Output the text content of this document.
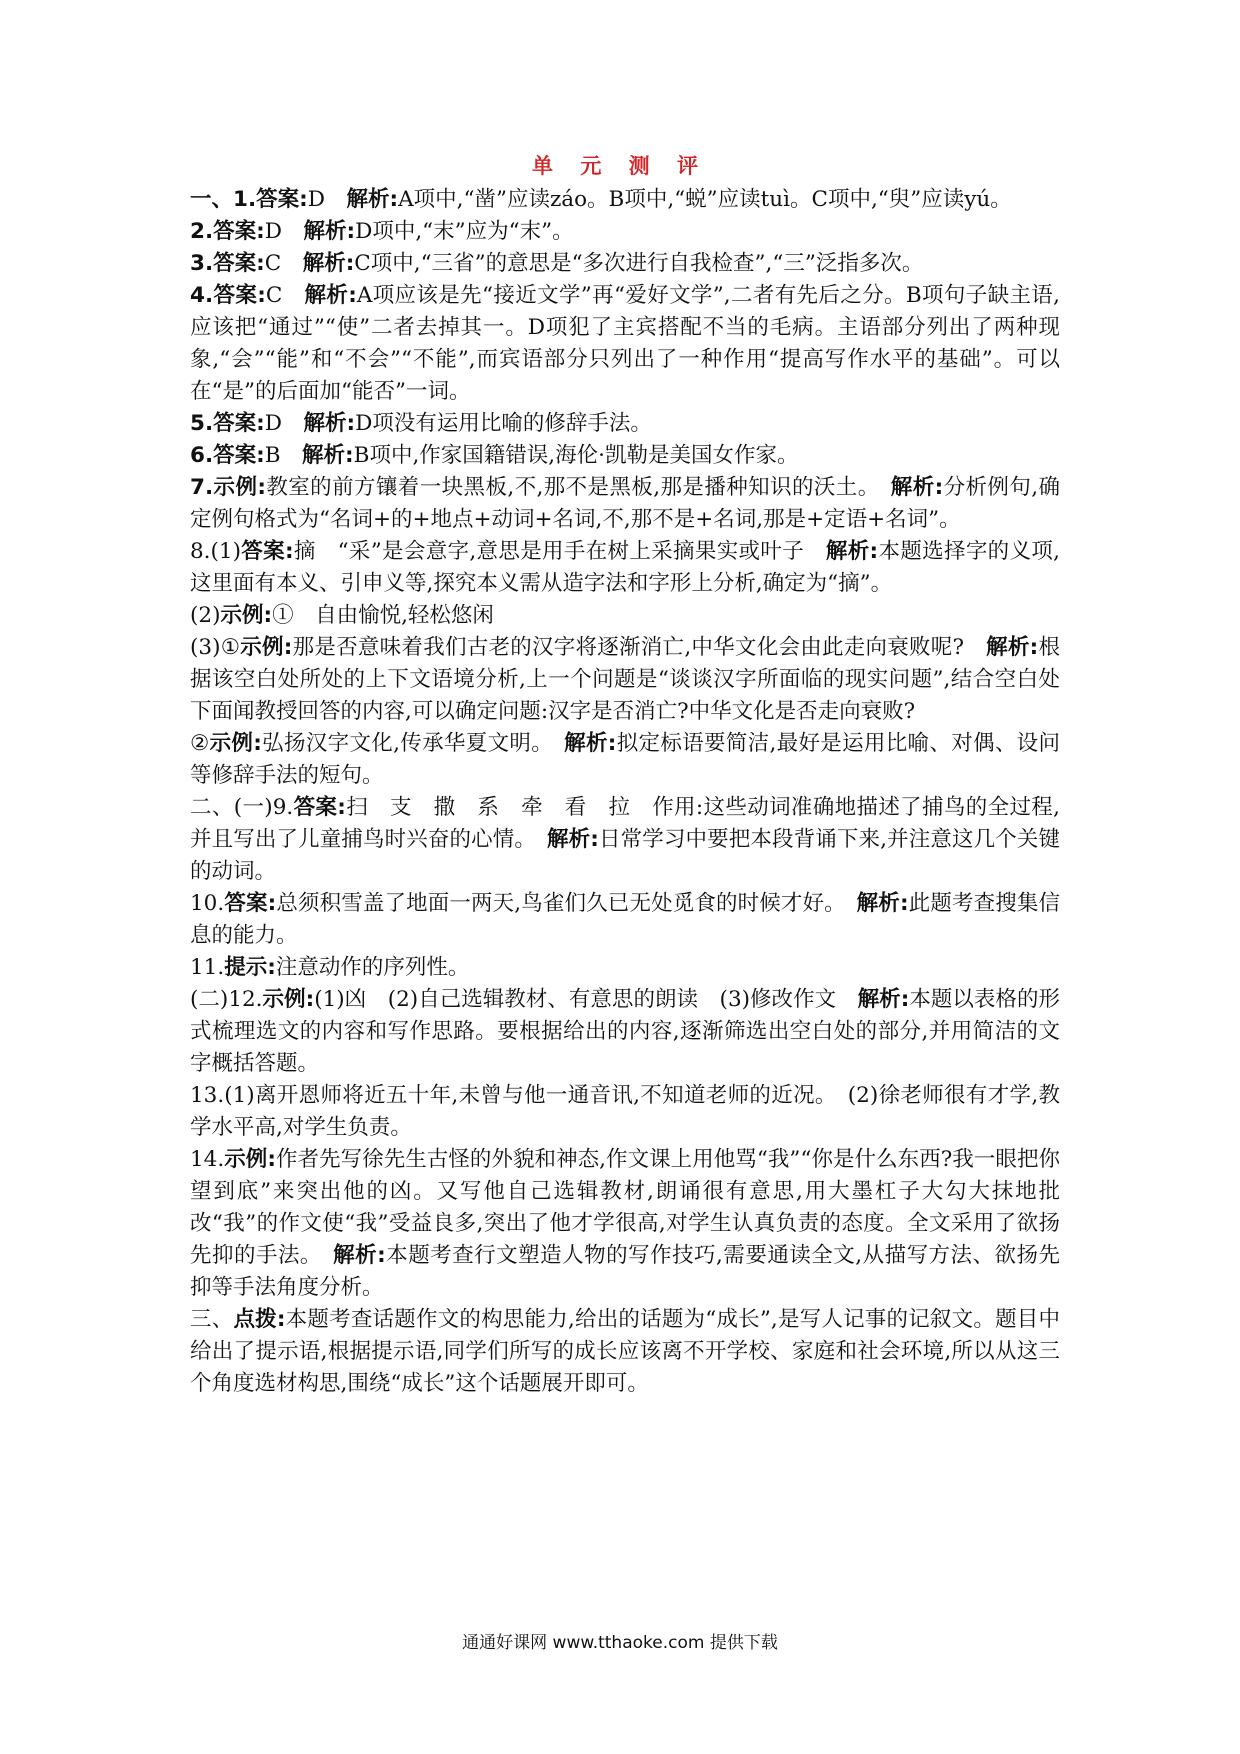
单 元 测 评

一、1.答案:D　解析:A项中,“凿”应读záo。B项中,“蜕”应读tuì。C项中,“臾”应读yú。

2.答案:D　解析:D项中,“末”应为“末”。

3.答案:C　解析:C项中,“三省”的意思是“多次进行自我检查”,“三”泛指多次。

4.答案:C　解析:A项应该是先“接近文学”再“爱好文学”,二者有先后之分。B项句子缺主语,应该把“通过”“使”二者去掉其一。D项犯了主宾搭配不当的毛病。主语部分列出了两种现象,“会”“能”和“不会”“不能”,而宾语部分只列出了一种作用“提高写作水平的基础”。可以在“是”的后面加“能否”一词。

5.答案:D　解析:D项没有运用比喻的修辞手法。

6.答案:B　解析:B项中,作家国籍错误,海伦·凯勒是美国女作家。

7.示例:教室的前方镶着一块黑板,不,那不是黑板,那是播种知识的沃土。　解析:分析例句,确定例句格式为“名词+的+地点+动词+名词,不,那不是+名词,那是+定语+名词”。

8.(1)答案:摘　“采”是会意字,意思是用手在树上采摘果实或叶子　解析:本题选择字的义项,这里面有本义、引申义等,探究本义需从造字法和字形上分析,确定为“摘”。

(2)示例:①　自由愉悦,轻松悠闲

(3)①示例:那是否意味着我们古老的汉字将逐渐消亡,中华文化会由此走向衰败呢?　解析:根据该空白处所处的上下文语境分析,上一个问题是“谈谈汉字所面临的现实问题”,结合空白处下面闻教授回答的内容,可以确定问题:汉字是否消亡?中华文化是否走向衰败?

②示例:弘扬汉字文化,传承华夏文明。　解析:拟定标语要简洁,最好是运用比喻、对偶、设问等修辞手法的短句。

二、(一)9.答案:扫　支　撒　系　牵　看　拉　作用:这些动词准确地描述了捕鸟的全过程,并且写出了儿童捕鸟时兴奋的心情。　解析:日常学习中要把本段背诵下来,并注意这几个关键的动词。

10.答案:总须积雪盖了地面一两天,鸟雀们久已无处觅食的时候才好。　解析:此题考查搜集信息的能力。

11.提示:注意动作的序列性。

(二)12.示例:(1)凶　(2)自己选辑教材、有意思的朗读　(3)修改作文　解析:本题以表格的形式梳理选文的内容和写作思路。要根据给出的内容,逐渐筛选出空白处的部分,并用简洁的文字概括答题。

13.(1)离开恩师将近五十年,未曾与他一通音讯,不知道老师的近况。　(2)徐老师很有才学,教学水平高,对学生负责。

14.示例:作者先写徐先生古怪的外貌和神态,作文课上用他骂“我”“你是什么东西?我一眼把你望到底”来突出他的凶。又写他自己选辑教材,朗诵很有意思,用大墨杠子大勾大抹地批改“我”的作文使“我”受益良多,突出了他才学很高,对学生认真负责的态度。全文采用了欲扬先抑的手法。　解析:本题考查行文塑造人物的写作技巧,需要通读全文,从描写方法、欲扬先抑等手法角度分析。

三、点拨:本题考查话题作文的构思能力,给出的话题为“成长”,是写人记事的记叙文。题目中给出了提示语,根据提示语,同学们所写的成长应该离不开学校、家庭和社会环境,所以从这三个角度选材构思,围绕“成长”这个话题展开即可。

通通好课网 www.tthaoke.com 提供下载
